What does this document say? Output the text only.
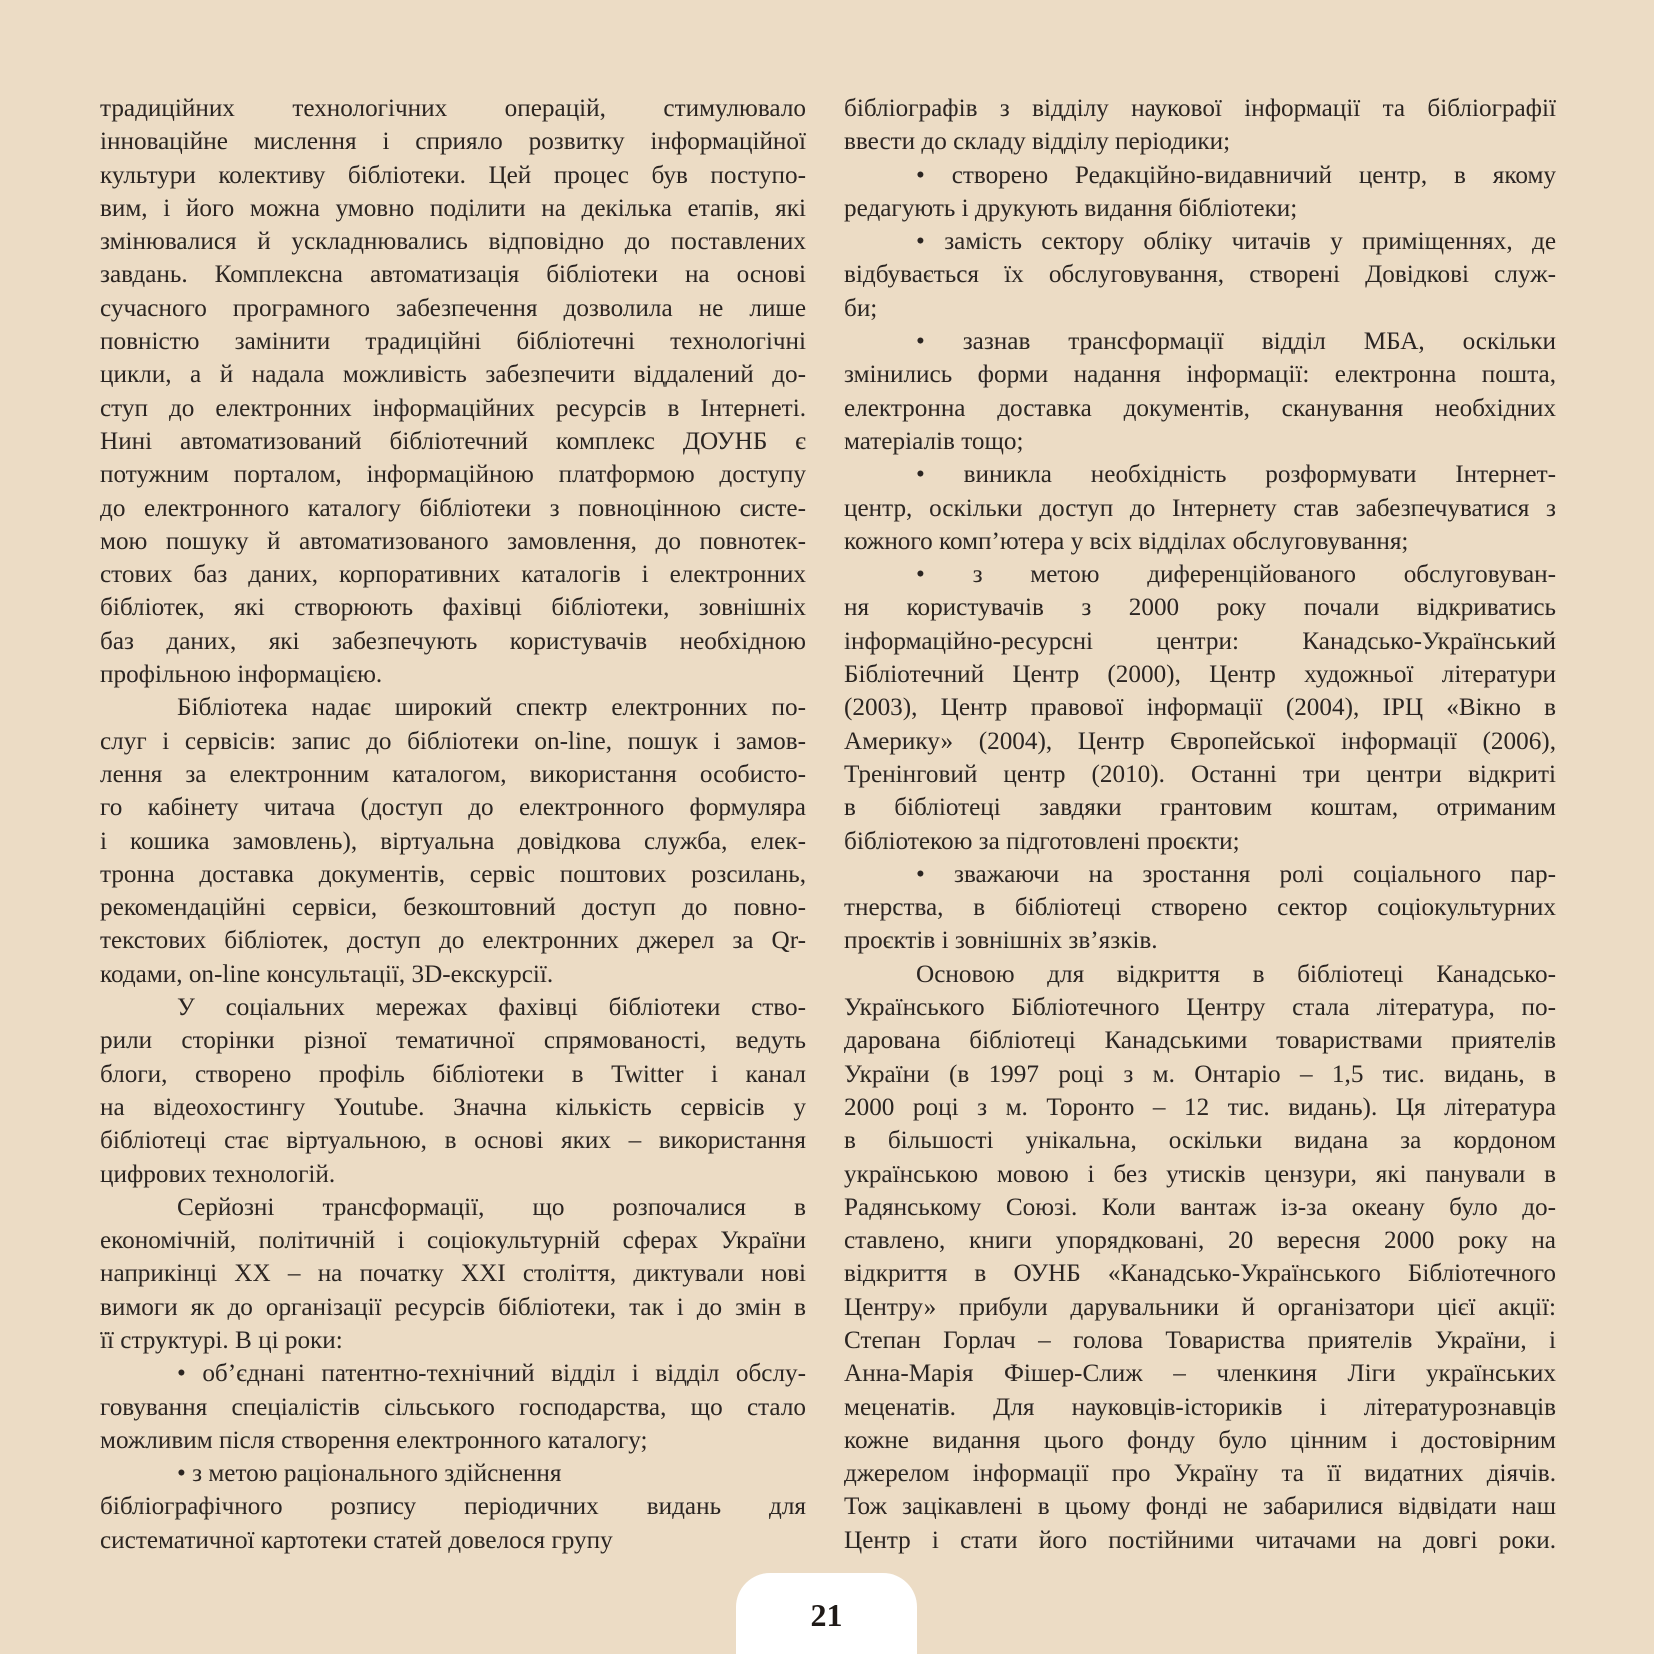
традиційних технологічних операцій, стимулювало
інноваційне мислення і сприяло розвитку інформаційної
культури колективу бібліотеки. Цей процес був поступо-
вим, і його можна умовно поділити на декілька етапів, які
змінювалися й ускладнювались відповідно до поставлених
завдань. Комплексна автоматизація бібліотеки на основі
сучасного програмного забезпечення дозволила не лише
повністю замінити традиційні бібліотечні технологічні
цикли, а й надала можливість забезпечити віддалений до-
ступ до електронних інформаційних ресурсів в Інтернеті.
Нині автоматизований бібліотечний комплекс ДОУНБ є
потужним порталом, інформаційною платформою доступу
до електронного каталогу бібліотеки з повноцінною систе-
мою пошуку й автоматизованого замовлення, до повнотек-
стових баз даних, корпоративних каталогів і електронних
бібліотек, які створюють фахівці бібліотеки, зовнішніх
баз даних, які забезпечують користувачів необхідною
профільною інформацією.
Бібліотека надає широкий спектр електронних по-
слуг і сервісів: запис до бібліотеки on-line, пошук і замов-
лення за електронним каталогом, використання особисто-
го кабінету читача (доступ до електронного формуляра
і кошика замовлень), віртуальна довідкова служба, елек-
тронна доставка документів, сервіс поштових розсилань,
рекомендаційні сервіси, безкоштовний доступ до повно-
текстових бібліотек, доступ до електронних джерел за Qr-
кодами, on-line консультації, 3D-екскурсії.
У соціальних мережах фахівці бібліотеки ство-
рили сторінки різної тематичної спрямованості, ведуть
блоги, створено профіль бібліотеки в Twitter і канал
на відеохостингу Youtube. Значна кількість сервісів у
бібліотеці стає віртуальною, в основі яких – використання
цифрових технологій.
Серйозні трансформації, що розпочалися в
економічній, політичній і соціокультурній сферах України
наприкінці ХХ – на початку ХХІ століття, диктували нові
вимоги як до організації ресурсів бібліотеки, так і до змін в
її структурі. В ці роки:
• об’єднані патентно-технічний відділ і відділ обслу-
говування спеціалістів сільського господарства, що стало
можливим після створення електронного каталогу;
• з метою раціонального здійснення
бібліографічного розпису періодичних видань для
систематичної картотеки статей довелося групу
бібліографів з відділу наукової інформації та бібліографії
ввести до складу відділу періодики;
• створено Редакційно-видавничий центр, в якому
редагують і друкують видання бібліотеки;
• замість сектору обліку читачів у приміщеннях, де
відбувається їх обслуговування, створені Довідкові служ-
би;
• зазнав трансформації відділ МБА, оскільки
змінились форми надання інформації: електронна пошта,
електронна доставка документів, сканування необхідних
матеріалів тощо;
• виникла необхідність розформувати Інтернет-
центр, оскільки доступ до Інтернету став забезпечуватися з
кожного комп’ютера у всіх відділах обслуговування;
• з метою диференційованого обслуговуван-
ня користувачів з 2000 року почали відкриватись
інформаційно-ресурсні центри: Канадсько-Український
Бібліотечний Центр (2000), Центр художньої літератури
(2003), Центр правової інформації (2004), ІРЦ «Вікно в
Америку» (2004), Центр Європейської інформації (2006),
Тренінговий центр (2010). Останні три центри відкриті
в бібліотеці завдяки грантовим коштам, отриманим
бібліотекою за підготовлені проєкти;
• зважаючи на зростання ролі соціального пар-
тнерства, в бібліотеці створено сектор соціокультурних
проєктів і зовнішніх зв’язків.
Основою для відкриття в бібліотеці Канадсько-
Українського Бібліотечного Центру стала література, по-
дарована бібліотеці Канадськими товариствами приятелів
України (в 1997 році з м. Онтаріо – 1,5 тис. видань, в
2000 році з м. Торонто – 12 тис. видань). Ця література
в більшості унікальна, оскільки видана за кордоном
українською мовою і без утисків цензури, які панували в
Радянському Союзі. Коли вантаж із-за океану було до-
ставлено, книги упорядковані, 20 вересня 2000 року на
відкриття в ОУНБ «Канадсько-Українського Бібліотечного
Центру» прибули дарувальники й організатори цієї акції:
Степан Горлач – голова Товариства приятелів України, і
Анна-Марія Фішер-Слиж – членкиня Ліги українських
меценатів. Для науковців-істориків і літературознавців
кожне видання цього фонду було цінним і достовірним
джерелом інформації про Україну та її видатних діячів.
Тож зацікавлені в цьому фонді не забарилися відвідати наш
Центр і стати його постійними читачами на довгі роки.
21
